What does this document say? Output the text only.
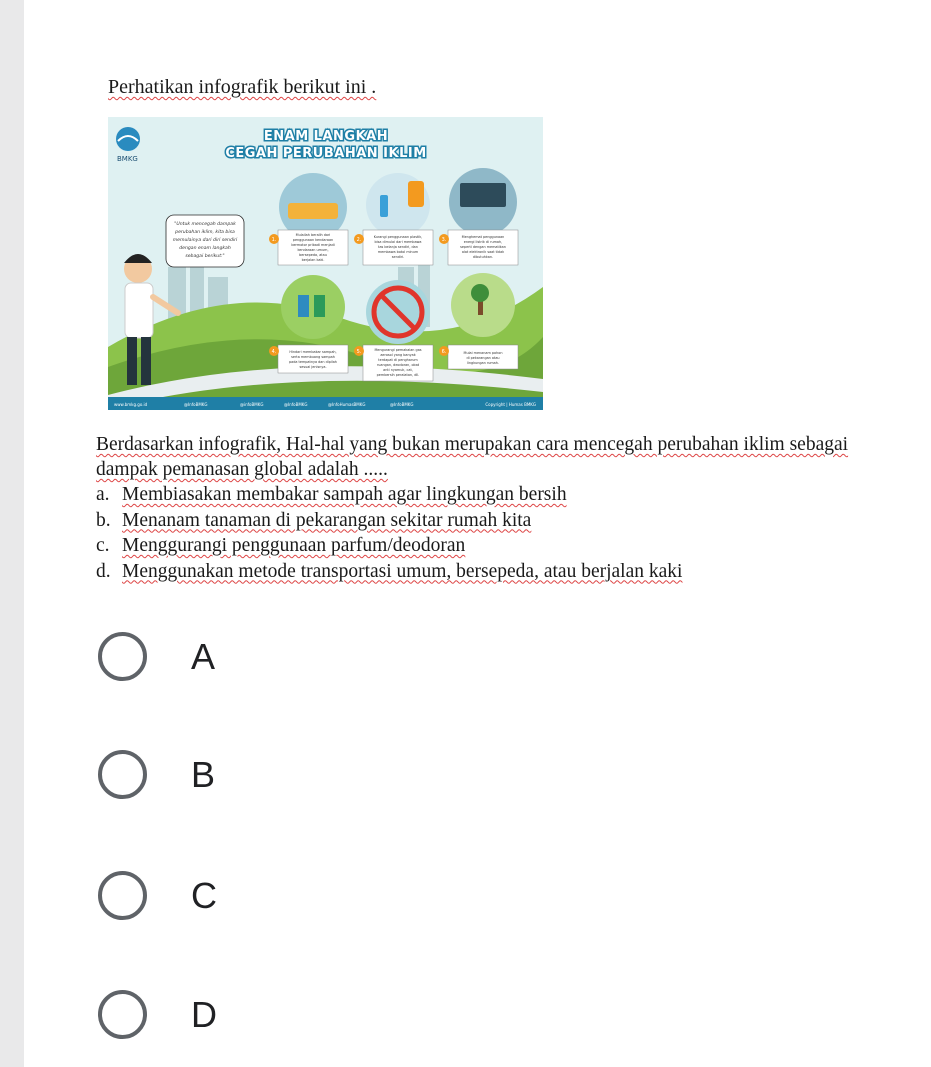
Perhatikan infografik berikut ini .
BMKG
ENAM LANGKAH
CEGAH PERUBAHAN IKLIM
"Untuk mencegah dampak
perubahan iklim, kita bisa
memulainya dari diri sendiri
dengan enam langkah
sebagai berikut:"
1.
Mulailah beralih dari
penggunaan kendaraan
bermotor pribadi menjadi
kendaraan umum,
bersepeda, atau
berjalan kaki.
2.	Kurangi penggunaan plastik,
bisa dimulai dari membawa
tas belanja sendiri, dan
membawa botol minum
sendiri.
3.	Menghemat penggunaan
energi listrik di rumah,
seperti dengan mematikan
alat elektronik saat tidak
dibutuhkan.
4.	Hindari membakar sampah,
serta membuang sampah
pada tempatnya dan dipilah
sesuai jenisnya.
5.	Mengurangi pemakaian gas
aerosol yang banyak
terdapat di pengharum
ruangan, deodoran, obat
anti nyamuk, cat,
pembersih peralatan, dll.
6.	Mulai menanam pohon
di pekarangan atau
lingkungan rumah.
www.bmkg.go.id	@InfoBMKG	@infoBMKG	@InfoBMKG	@InfoHumasBMKG	@InfoBMKG	Copyright | Humas BMKG

Berdasarkan infografik, Hal-hal yang bukan merupakan cara mencegah perubahan iklim sebagai

dampak pemanasan global adalah .....

a. Membiasakan membakar sampah agar lingkungan bersih
b. Menanam tanaman di pekarangan sekitar rumah kita
c. Menggurangi penggunaan parfum/deodoran
d. Menggunakan metode transportasi umum, bersepeda, atau berjalan kaki
A
B
C
D
